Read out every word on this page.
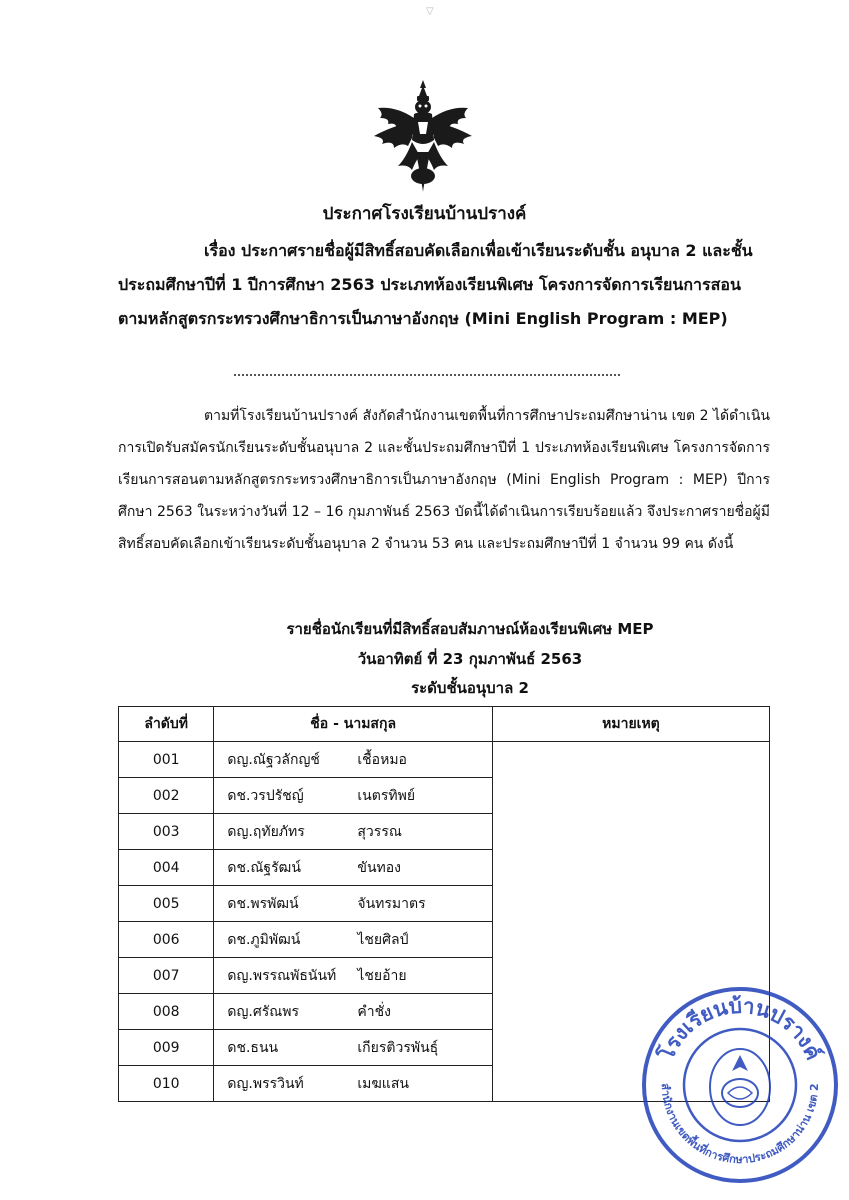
▽
ประกาศโรงเรียนบ้านปรางค์
เรื่อง ประกาศรายชื่อผู้มีสิทธิ์สอบคัดเลือกเพื่อเข้าเรียนระดับชั้น อนุบาล 2 และชั้นประถมศึกษาปีที่ 1 ปีการศึกษา 2563 ประเภทห้องเรียนพิเศษ โครงการจัดการเรียนการสอนตามหลักสูตรกระทรวงศึกษาธิการเป็นภาษาอังกฤษ (Mini English Program : MEP)
ตามที่โรงเรียนบ้านปรางค์ สังกัดสำนักงานเขตพื้นที่การศึกษาประถมศึกษาน่าน เขต 2 ได้ดำเนินการเปิดรับสมัครนักเรียนระดับชั้นอนุบาล 2 และชั้นประถมศึกษาปีที่ 1 ประเภทห้องเรียนพิเศษ โครงการจัดการเรียนการสอนตามหลักสูตรกระทรวงศึกษาธิการเป็นภาษาอังกฤษ (Mini English Program : MEP) ปีการศึกษา 2563 ในระหว่างวันที่ 12 – 16 กุมภาพันธ์ 2563 บัดนี้ได้ดำเนินการเรียบร้อยแล้ว จึงประกาศรายชื่อผู้มีสิทธิ์สอบคัดเลือกเข้าเรียนระดับชั้นอนุบาล 2 จำนวน 53 คน และประถมศึกษาปีที่ 1 จำนวน 99 คน ดังนี้
รายชื่อนักเรียนที่มีสิทธิ์สอบสัมภาษณ์ห้องเรียนพิเศษ MEP
วันอาทิตย์ ที่ 23 กุมภาพันธ์ 2563
ระดับชั้นอนุบาล 2
ลำดับที่	ชื่อ - นามสกุล	หมายเหตุ
001	ดญ.ณัฐวลักญช์ เชื้อหมอ	

002	ดช.วรปรัชญ์ เนตรทิพย์	

003	ดญ.ฤทัยภัทร สุวรรณ	

004	ดช.ณัฐรัฒน์ ขันทอง	

005	ดช.พรพัฒน์ จันทรมาตร	

006	ดช.ภูมิพัฒน์ ไชยศิลป์	

007	ดญ.พรรณพัธนันท์ ไชยอ้าย	

008	ดญ.ศรัณพร คำชั่ง	

009	ดช.ธนน เกียรติวรพันธุ์	

010	ดญ.พรรวินท์ เมฆแสน	
โรงเรียนบ้านปรางค์
สำนักงานเขตพื้นที่การศึกษาประถมศึกษาน่าน เขต 2
